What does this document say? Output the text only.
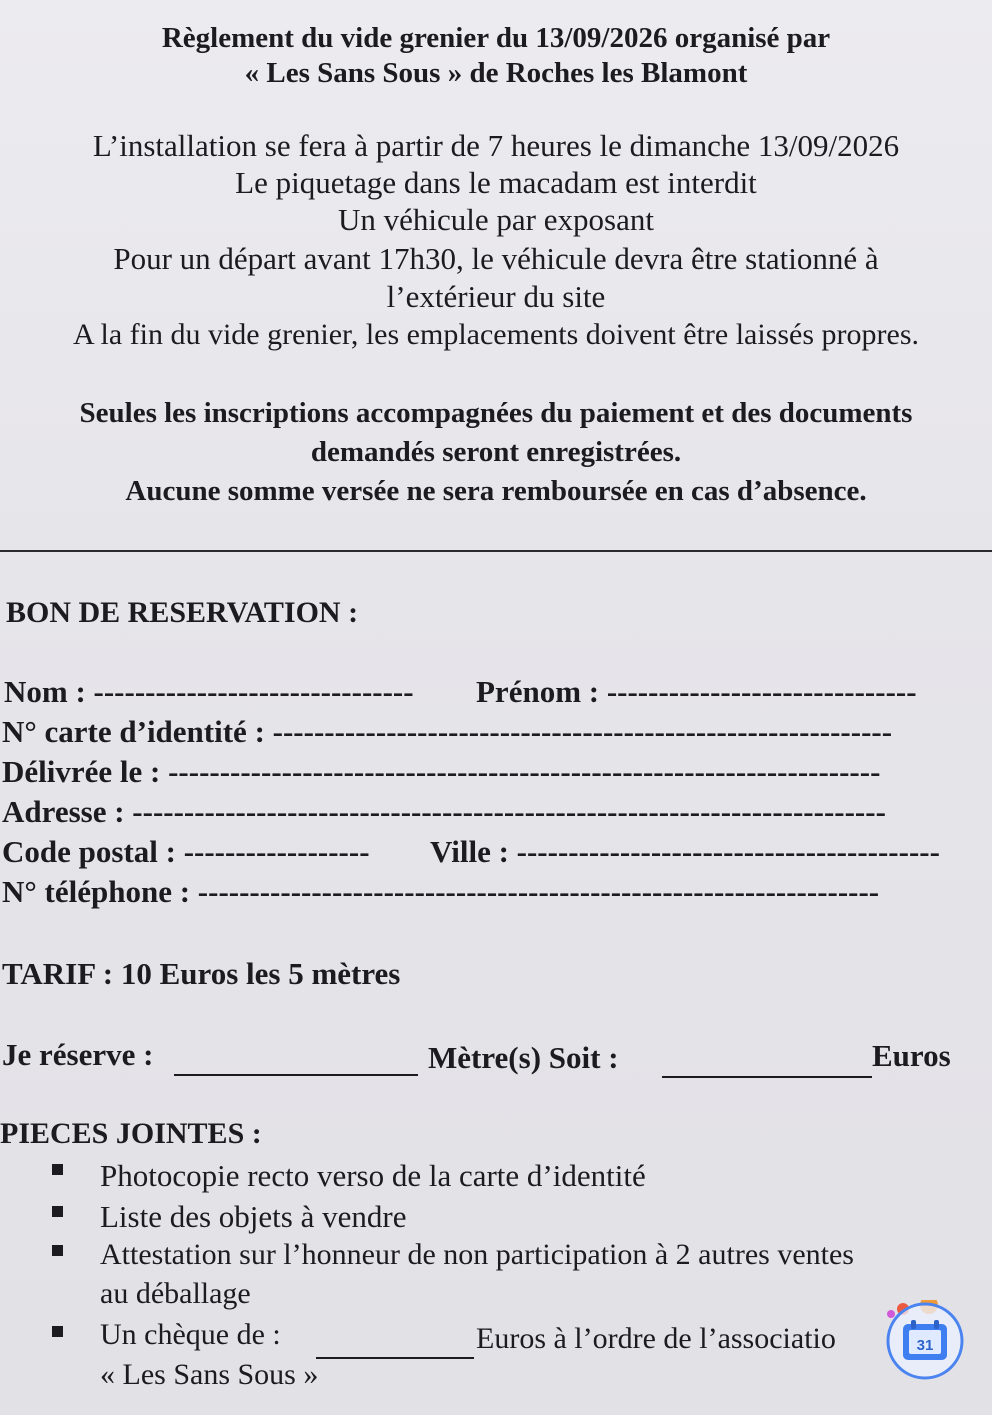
Règlement du vide grenier du 13/09/2026 organisé par
« Les Sans Sous » de Roches les Blamont
L’installation se fera à partir de 7 heures le dimanche 13/09/2026
Le piquetage dans le macadam est interdit
Un véhicule par exposant
Pour un départ avant 17h30, le véhicule devra être stationné à
l’extérieur du site
A la fin du vide grenier, les emplacements doivent être laissés propres.
Seules les inscriptions accompagnées du paiement et des documents
demandés seront enregistrées.
Aucune somme versée ne sera remboursée en cas d’absence.
BON DE RESERVATION :
Nom : ------------------------------- Prénom : ------------------------------
N° carte d’identité : ------------------------------------------------------------
Délivrée le : ---------------------------------------------------------------------
Adresse : -------------------------------------------------------------------------
Code postal : ------------------ Ville : -----------------------------------------
N° téléphone : ------------------------------------------------------------------
TARIF : 10 Euros les 5 mètres
Je réserve :	Mètre(s) Soit :	Euros
PIECES JOINTES :
Photocopie recto verso de la carte d’identité
Liste des objets à vendre
Attestation sur l’honneur de non participation à 2 autres ventes
au déballage
Un chèque de :	Euros à l’ordre de l’associatio
« Les Sans Sous »
31
